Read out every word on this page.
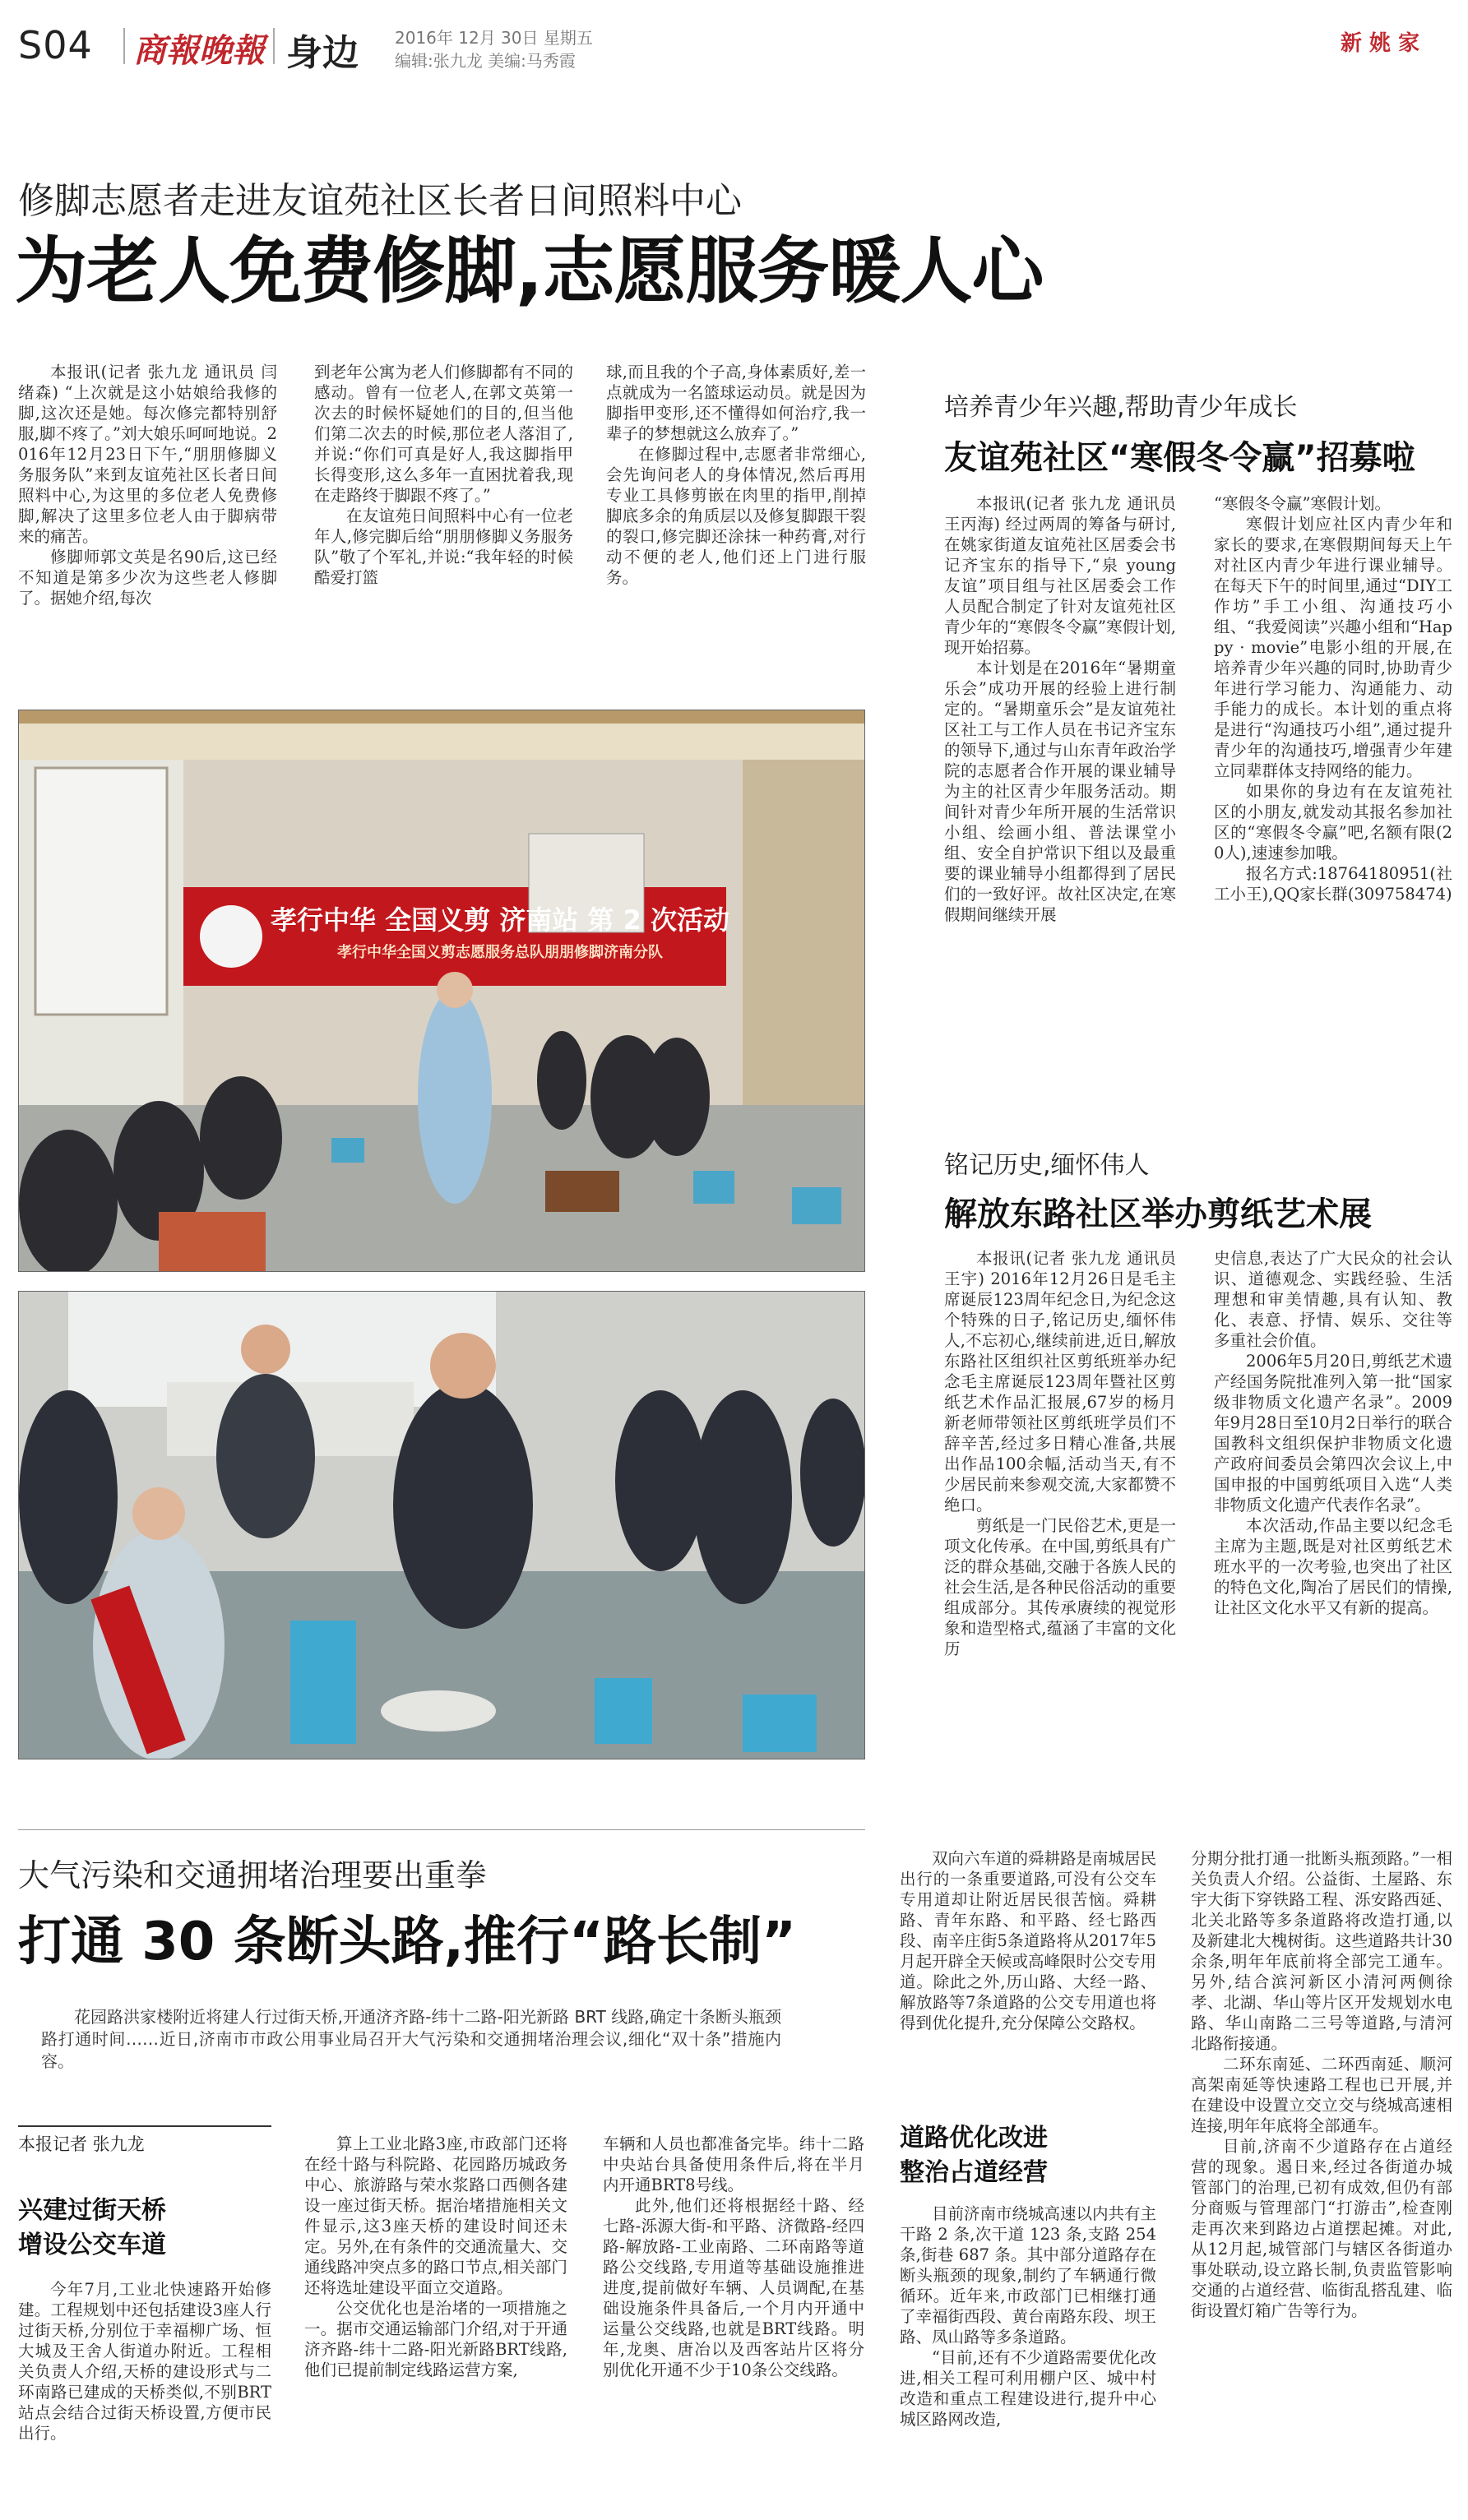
S04 商報晚報 身边 2016年 12月 30日 星期五
编辑:张九龙 美编:马秀霞
新 姚 家
修脚志愿者走进友谊苑社区长者日间照料中心
为老人免费修脚,志愿服务暖人心

本报讯(记者 张九龙 通讯员 闫绪森) “上次就是这小姑娘给我修的脚,这次还是她。每次修完都特别舒服,脚不疼了。”刘大娘乐呵呵地说。2016年12月23日下午,“朋朋修脚义务服务队”来到友谊苑社区长者日间照料中心,为这里的多位老人免费修脚,解决了这里多位老人由于脚病带来的痛苦。

修脚师郭文英是名90后,这已经不知道是第多少次为这些老人修脚了。据她介绍,每次

到老年公寓为老人们修脚都有不同的感动。曾有一位老人,在郭文英第一次去的时候怀疑她们的目的,但当他们第二次去的时候,那位老人落泪了,并说:“你们可真是好人,我这脚指甲长得变形,这么多年一直困扰着我,现在走路终于脚跟不疼了。”

在友谊苑日间照料中心有一位老年人,修完脚后给“朋朋修脚义务服务队”敬了个军礼,并说:“我年轻的时候酷爱打篮

球,而且我的个子高,身体素质好,差一点就成为一名篮球运动员。就是因为脚指甲变形,还不懂得如何治疗,我一辈子的梦想就这么放弃了。”

在修脚过程中,志愿者非常细心,会先询问老人的身体情况,然后再用专业工具修剪嵌在肉里的指甲,削掉脚底多余的角质层以及修复脚跟干裂的裂口,修完脚还涂抹一种药膏,对行动不便的老人,他们还上门进行服务。

孝行中华 全国义剪 济南站 第 2 次活动
孝行中华全国义剪志愿服务总队朋朋修脚济南分队
培养青少年兴趣,帮助青少年成长
友谊苑社区“寒假冬令赢”招募啦

本报讯(记者 张九龙 通讯员 王丙海) 经过两周的筹备与研讨,在姚家街道友谊苑社区居委会书记齐宝东的指导下,“泉 young 友谊”项目组与社区居委会工作人员配合制定了针对友谊苑社区青少年的“寒假冬令赢”寒假计划,现开始招募。

本计划是在2016年“暑期童乐会”成功开展的经验上进行制定的。“暑期童乐会”是友谊苑社区社工与工作人员在书记齐宝东的领导下,通过与山东青年政治学院的志愿者合作开展的课业辅导为主的社区青少年服务活动。期间针对青少年所开展的生活常识小组、绘画小组、普法课堂小组、安全自护常识下组以及最重要的课业辅导小组都得到了居民们的一致好评。故社区决定,在寒假期间继续开展

“寒假冬令赢”寒假计划。

寒假计划应社区内青少年和家长的要求,在寒假期间每天上午对社区内青少年进行课业辅导。在每天下午的时间里,通过“DIY工作坊”手工小组、沟通技巧小组、“我爱阅读”兴趣小组和“Happy · movie”电影小组的开展,在培养青少年兴趣的同时,协助青少年进行学习能力、沟通能力、动手能力的成长。本计划的重点将是进行“沟通技巧小组”,通过提升青少年的沟通技巧,增强青少年建立同辈群体支持网络的能力。

如果你的身边有在友谊苑社区的小朋友,就发动其报名参加社区的“寒假冬令赢”吧,名额有限(20人),速速参加哦。

报名方式:18764180951(社工小王),QQ家长群(309758474)

铭记历史,缅怀伟人
解放东路社区举办剪纸艺术展

本报讯(记者 张九龙 通讯员 王宇) 2016年12月26日是毛主席诞辰123周年纪念日,为纪念这个特殊的日子,铭记历史,缅怀伟人,不忘初心,继续前进,近日,解放东路社区组织社区剪纸班举办纪念毛主席诞辰123周年暨社区剪纸艺术作品汇报展,67岁的杨月新老师带领社区剪纸班学员们不辞辛苦,经过多日精心准备,共展出作品100余幅,活动当天,有不少居民前来参观交流,大家都赞不绝口。

剪纸是一门民俗艺术,更是一项文化传承。在中国,剪纸具有广泛的群众基础,交融于各族人民的社会生活,是各种民俗活动的重要组成部分。其传承赓续的视觉形象和造型格式,蕴涵了丰富的文化历

史信息,表达了广大民众的社会认识、道德观念、实践经验、生活理想和审美情趣,具有认知、教化、表意、抒情、娱乐、交往等多重社会价值。

2006年5月20日,剪纸艺术遗产经国务院批准列入第一批“国家级非物质文化遗产名录”。2009年9月28日至10月2日举行的联合国教科文组织保护非物质文化遗产政府间委员会第四次会议上,中国申报的中国剪纸项目入选“人类非物质文化遗产代表作名录”。

本次活动,作品主要以纪念毛主席为主题,既是对社区剪纸艺术班水平的一次考验,也突出了社区的特色文化,陶冶了居民们的情操,让社区文化水平又有新的提高。

大气污染和交通拥堵治理要出重拳
打通 30 条断头路,推行“路长制”

花园路洪家楼附近将建人行过街天桥,开通济齐路-纬十二路-阳光新路 BRT 线路,确定十条断头瓶颈路打通时间……近日,济南市市政公用事业局召开大气污染和交通拥堵治理会议,细化“双十条”措施内容。

本报记者 张九龙
兴建过街天桥
增设公交车道

今年7月,工业北快速路开始修建。工程规划中还包括建设3座人行过街天桥,分别位于幸福柳广场、恒大城及王舍人街道办附近。工程相关负责人介绍,天桥的建设形式与二环南路已建成的天桥类似,不别BRT站点会结合过街天桥设置,方便市民出行。

算上工业北路3座,市政部门还将在经十路与科院路、花园路历城政务中心、旅游路与荣水浆路口西侧各建设一座过街天桥。据治堵措施相关文件显示,这3座天桥的建设时间还未定。另外,在有条件的交通流量大、交通线路冲突点多的路口节点,相关部门还将选址建设平面立交道路。

公交优化也是治堵的一项措施之一。据市交通运输部门介绍,对于开通济齐路-纬十二路-阳光新路BRT线路,他们已提前制定线路运营方案,

车辆和人员也都准备完毕。纬十二路中央站台具备使用条件后,将在半月内开通BRT8号线。

此外,他们还将根据经十路、经七路-泺源大街-和平路、济微路-经四路-解放路-工业南路、二环南路等道路公交线路,专用道等基础设施推进进度,提前做好车辆、人员调配,在基础设施条件具备后,一个月内开通中运量公交线路,也就是BRT线路。明年,龙奥、唐冶以及西客站片区将分别优化开通不少于10条公交线路。

双向六车道的舜耕路是南城居民出行的一条重要道路,可没有公交车专用道却让附近居民很苦恼。舜耕路、青年东路、和平路、经七路西段、南辛庄街5条道路将从2017年5月起开辟全天候或高峰限时公交专用道。除此之外,历山路、大经一路、解放路等7条道路的公交专用道也将得到优化提升,充分保障公交路权。

道路优化改进
整治占道经营

目前济南市绕城高速以内共有主干路 2 条,次干道 123 条,支路 254 条,街巷 687 条。其中部分道路存在断头瓶颈的现象,制约了车辆通行微循环。近年来,市政部门已相继打通了幸福街西段、黄台南路东段、坝王路、凤山路等多条道路。

“目前,还有不少道路需要优化改进,相关工程可利用棚户区、城中村改造和重点工程建设进行,提升中心城区路网改造,

分期分批打通一批断头瓶颈路。”一相关负责人介绍。公益街、土屋路、东宇大街下穿铁路工程、泺安路西延、北关北路等多条道路将改造打通,以及新建北大槐树街。这些道路共计30余条,明年年底前将全部完工通车。另外,结合滨河新区小清河两侧徐孝、北湖、华山等片区开发规划水电路、华山南路二三号等道路,与清河北路衔接通。

二环东南延、二环西南延、顺河高架南延等快速路工程也已开展,并在建设中设置立交立交与绕城高速相连接,明年年底将全部通车。

目前,济南不少道路存在占道经营的现象。遏日来,经过各街道办城管部门的治理,已初有成效,但仍有部分商贩与管理部门“打游击”,检查刚走再次来到路边占道摆起摊。对此,从12月起,城管部门与辖区各街道办事处联动,设立路长制,负责监管影响交通的占道经营、临街乱搭乱建、临街设置灯箱广告等行为。
